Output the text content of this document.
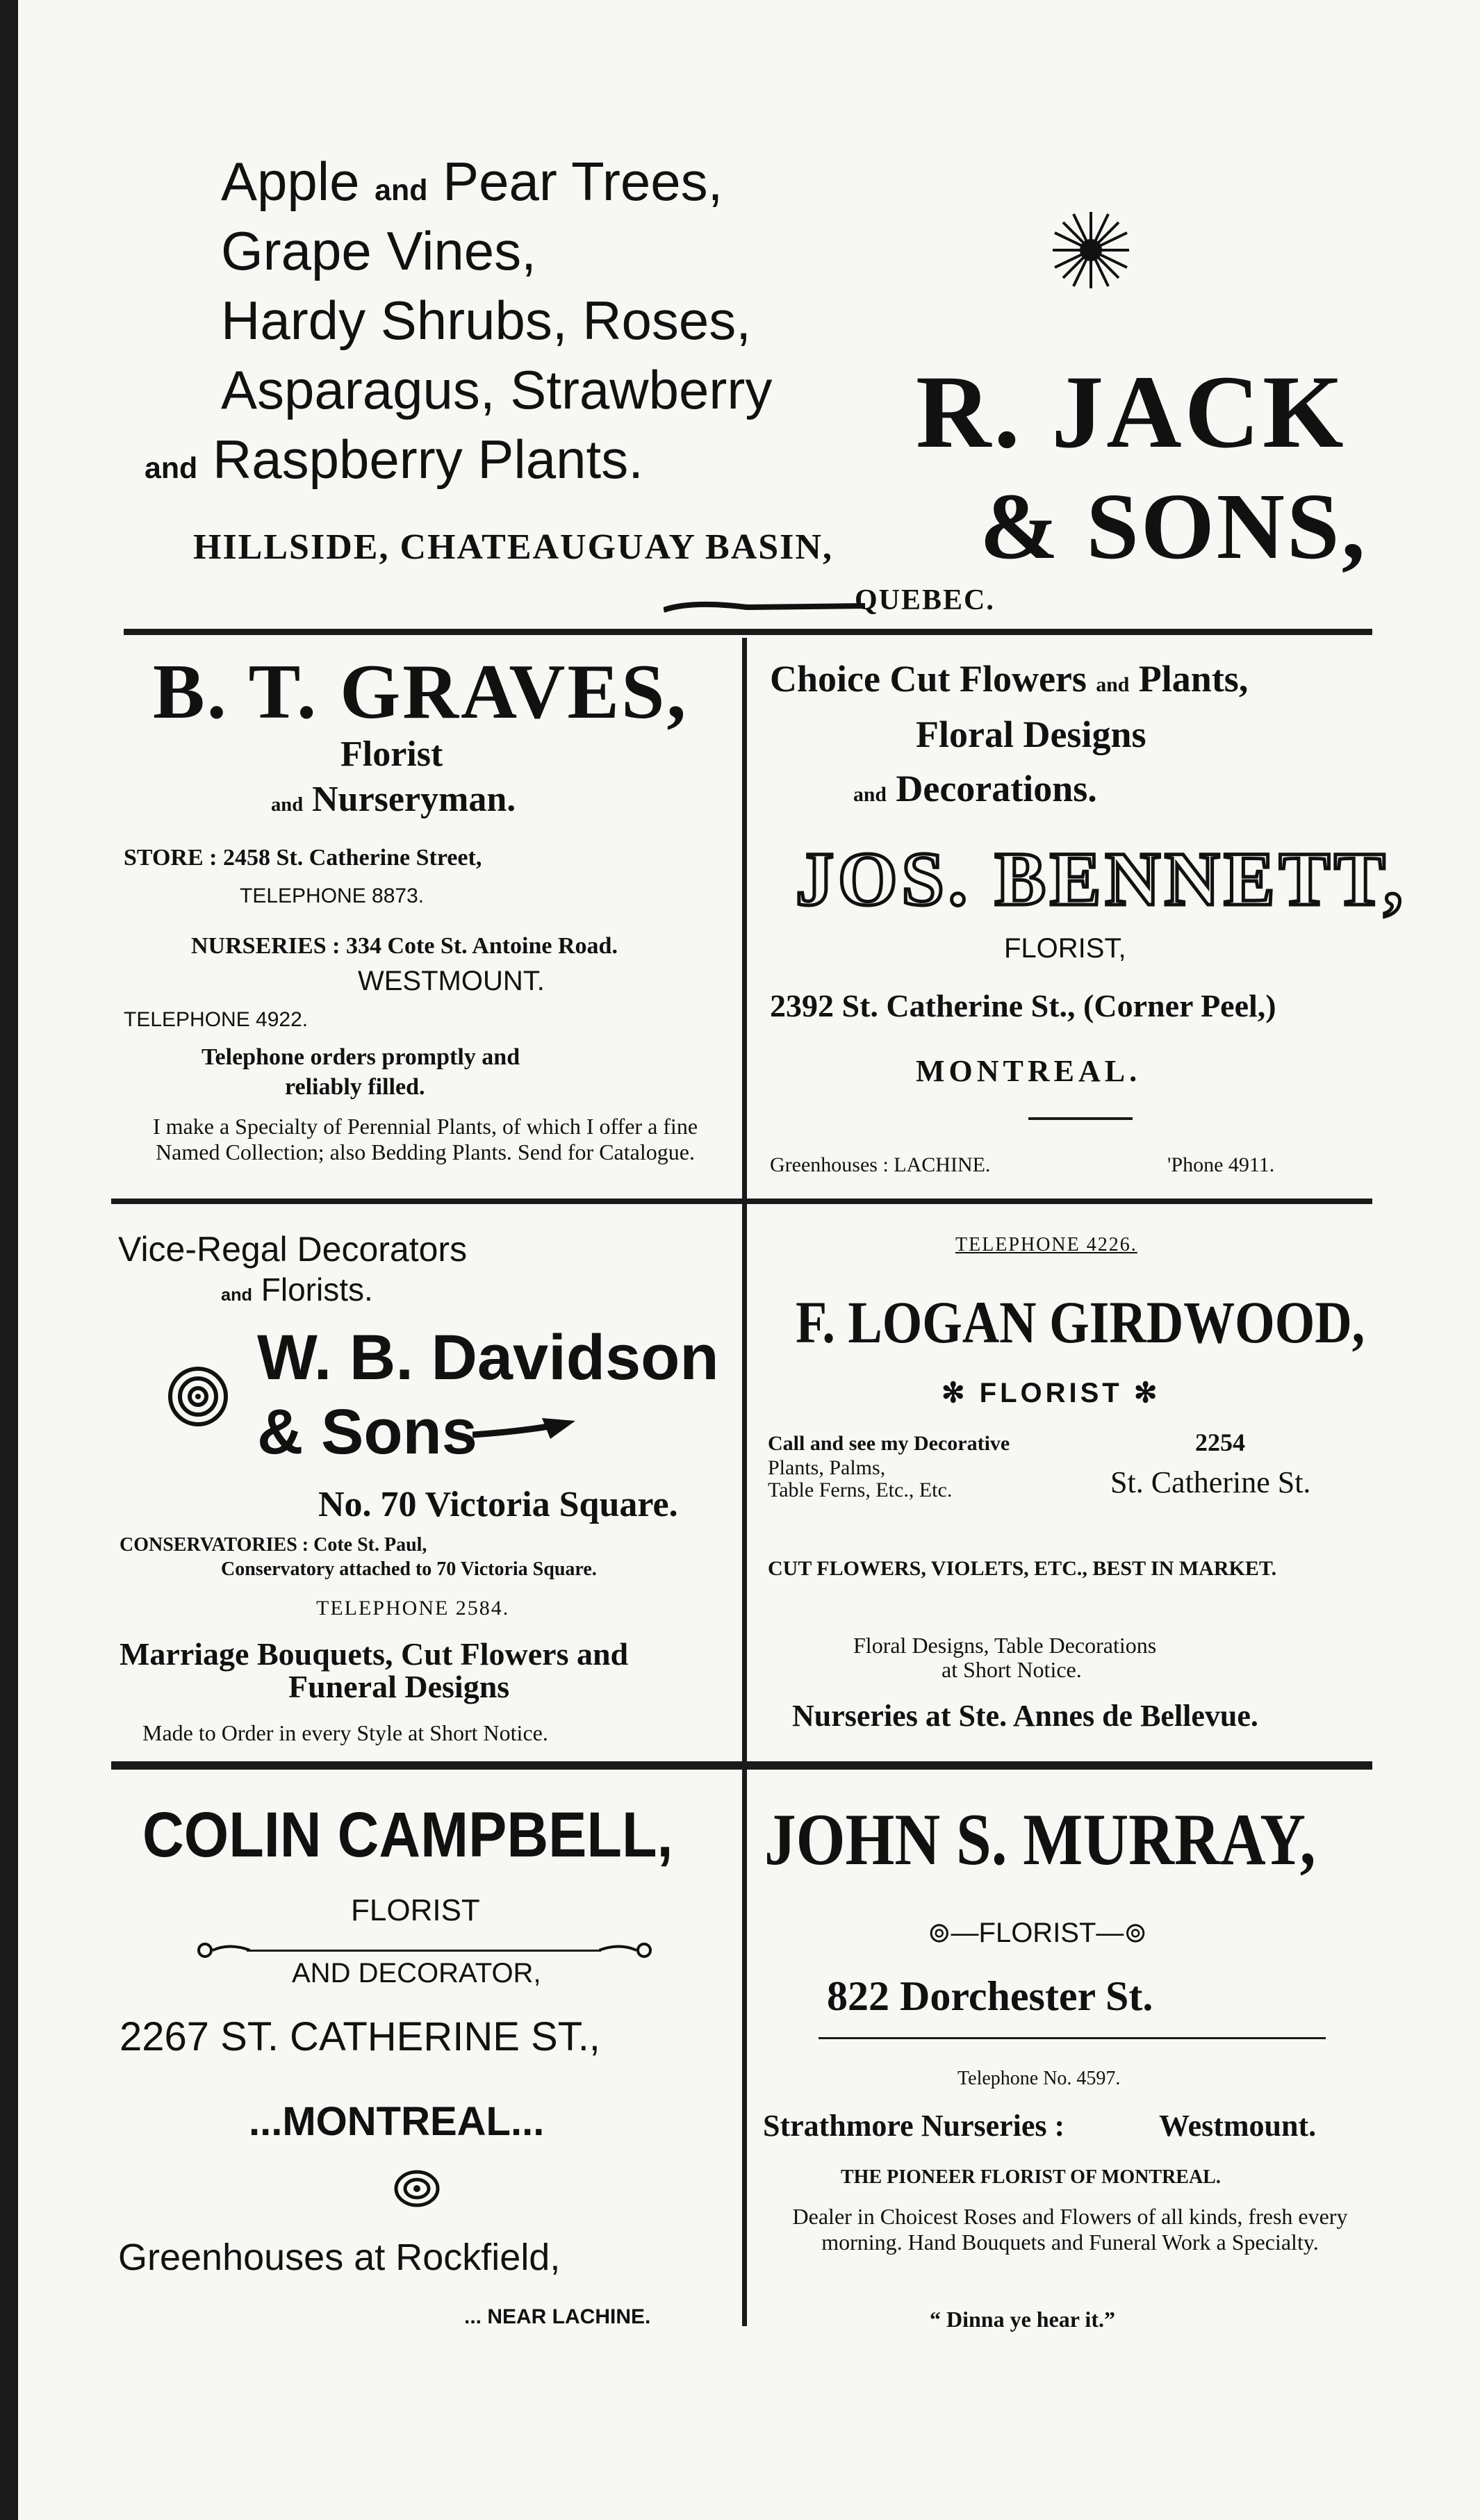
Apple and Pear Trees,
Grape Vines,
Hardy Shrubs, Roses,
Asparagus, Strawberry
and Raspberry Plants.
HILLSIDE, CHATEAUGUAY BASIN,
R. JACK
& SONS,
QUEBEC.
B. T. GRAVES,
Florist
and Nurseryman.
STORE : 2458 St. Catherine Street,
TELEPHONE 8873.
NURSERIES : 334 Cote St. Antoine Road.
WESTMOUNT.
TELEPHONE 4922.
Telephone orders promptly and
reliably filled.
I make a Specialty of Perennial Plants, of which I offer a fine Named Collection; also Bedding Plants. Send for Catalogue.
Choice Cut Flowers and Plants,
Floral Designs
and Decorations.
JOS. BENNETT,
FLORIST,
2392 St. Catherine St., (Corner Peel,)
MONTREAL.
Greenhouses : LACHINE.	'Phone 4911.
Vice-Regal Decorators
and Florists.
W. B. Davidson
& Sons
No. 70 Victoria Square.
CONSERVATORIES : Cote St. Paul,
Conservatory attached to 70 Victoria Square.
TELEPHONE 2584.
Marriage Bouquets, Cut Flowers and
Funeral Designs
Made to Order in every Style at Short Notice.
TELEPHONE 4226.
F. LOGAN GIRDWOOD,
✻ FLORIST ✻
Call and see my Decorative
Plants, Palms,
Table Ferns, Etc., Etc.
2254
St. Catherine St.
CUT FLOWERS, VIOLETS, ETC., BEST IN MARKET.
Floral Designs, Table Decorations
at Short Notice.
Nurseries at Ste. Annes de Bellevue.
COLIN CAMPBELL,
FLORIST
AND DECORATOR,
2267 ST. CATHERINE ST.,
...MONTREAL...
Greenhouses at Rockfield,
... NEAR LACHINE.
JOHN S. MURRAY,
⊚—FLORIST—⊚
822 Dorchester St.
Telephone No. 4597.
Strathmore Nurseries :	Westmount.
THE PIONEER FLORIST OF MONTREAL.
Dealer in Choicest Roses and Flowers of all kinds, fresh every morning. Hand Bouquets and Funeral Work a Specialty.
“ Dinna ye hear it.”
